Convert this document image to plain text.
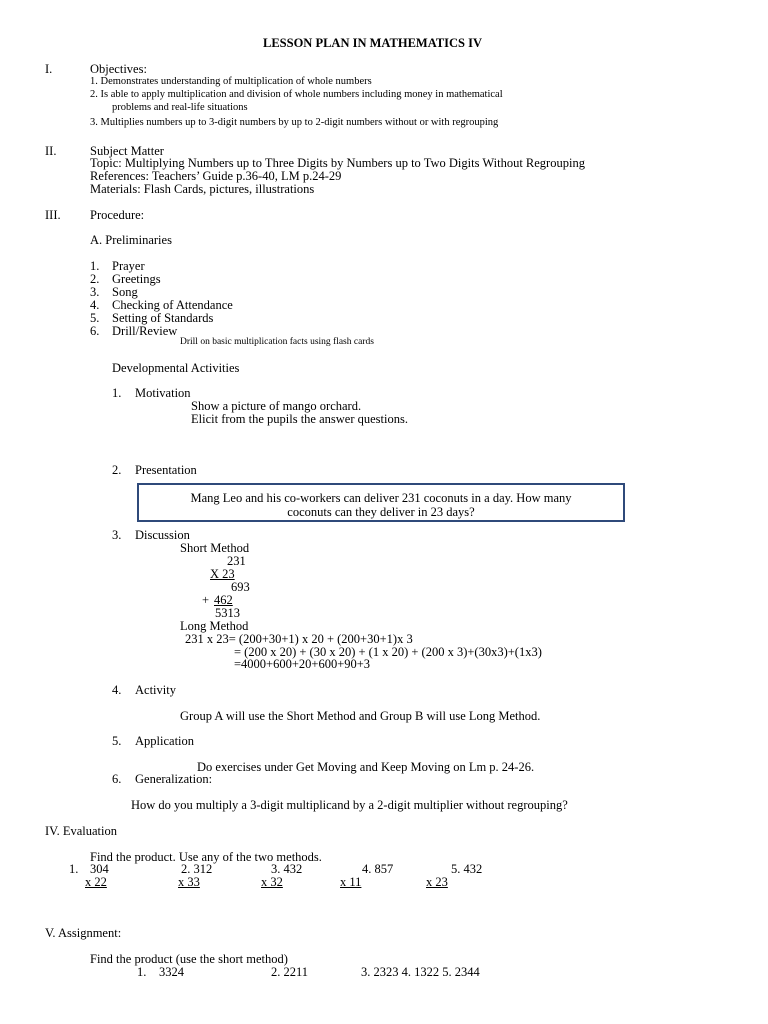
LESSON PLAN IN MATHEMATICS IV
I.	Objectives:
1. Demonstrates understanding of multiplication of whole numbers
2. Is able to apply multiplication and division of whole numbers including money in mathematical
problems and real-life situations
3. Multiplies numbers up to 3-digit numbers by up to 2-digit numbers without or with regrouping
II.	Subject Matter
Topic: Multiplying Numbers up to Three Digits by Numbers up to Two Digits Without Regrouping
References: Teachers’ Guide p.36-40, LM p.24-29
Materials: Flash Cards, pictures, illustrations
III. Procedure:
A. Preliminaries
1. Prayer
2. Greetings
3. Song
4. Checking of Attendance
5. Setting of Standards
6. Drill/Review
Drill on basic multiplication facts using flash cards
Developmental Activities
1. Motivation
Show a picture of mango orchard.
Elicit from the pupils the answer questions.
2. Presentation
Mang Leo and his co-workers can deliver 231 coconuts in a day. How many
coconuts can they deliver in 23 days?
3. Discussion
Short Method
231
X 23
693
+ 462
5313
Long Method
231 x 23= (200+30+1) x 20 + (200+30+1)x 3
= (200 x 20) + (30 x 20) + (1 x 20) + (200 x 3)+(30x3)+(1x3)
=4000+600+20+600+90+3
4. Activity
Group A will use the Short Method and Group B will use Long Method.
5. Application
Do exercises under Get Moving and Keep Moving on Lm p. 24-26.
6. Generalization:
How do you multiply a 3-digit multiplicand by a 2-digit multiplier without regrouping?
IV. Evaluation
Find the product. Use any of the two methods.
1. 304
x 22
2. 312
x 33
3. 432
x 32
4. 857
x 11
5. 432
x 23
V. Assignment:
Find the product (use the short method)
1. 3324	2. 2211	3. 2323 4. 1322 5. 2344
